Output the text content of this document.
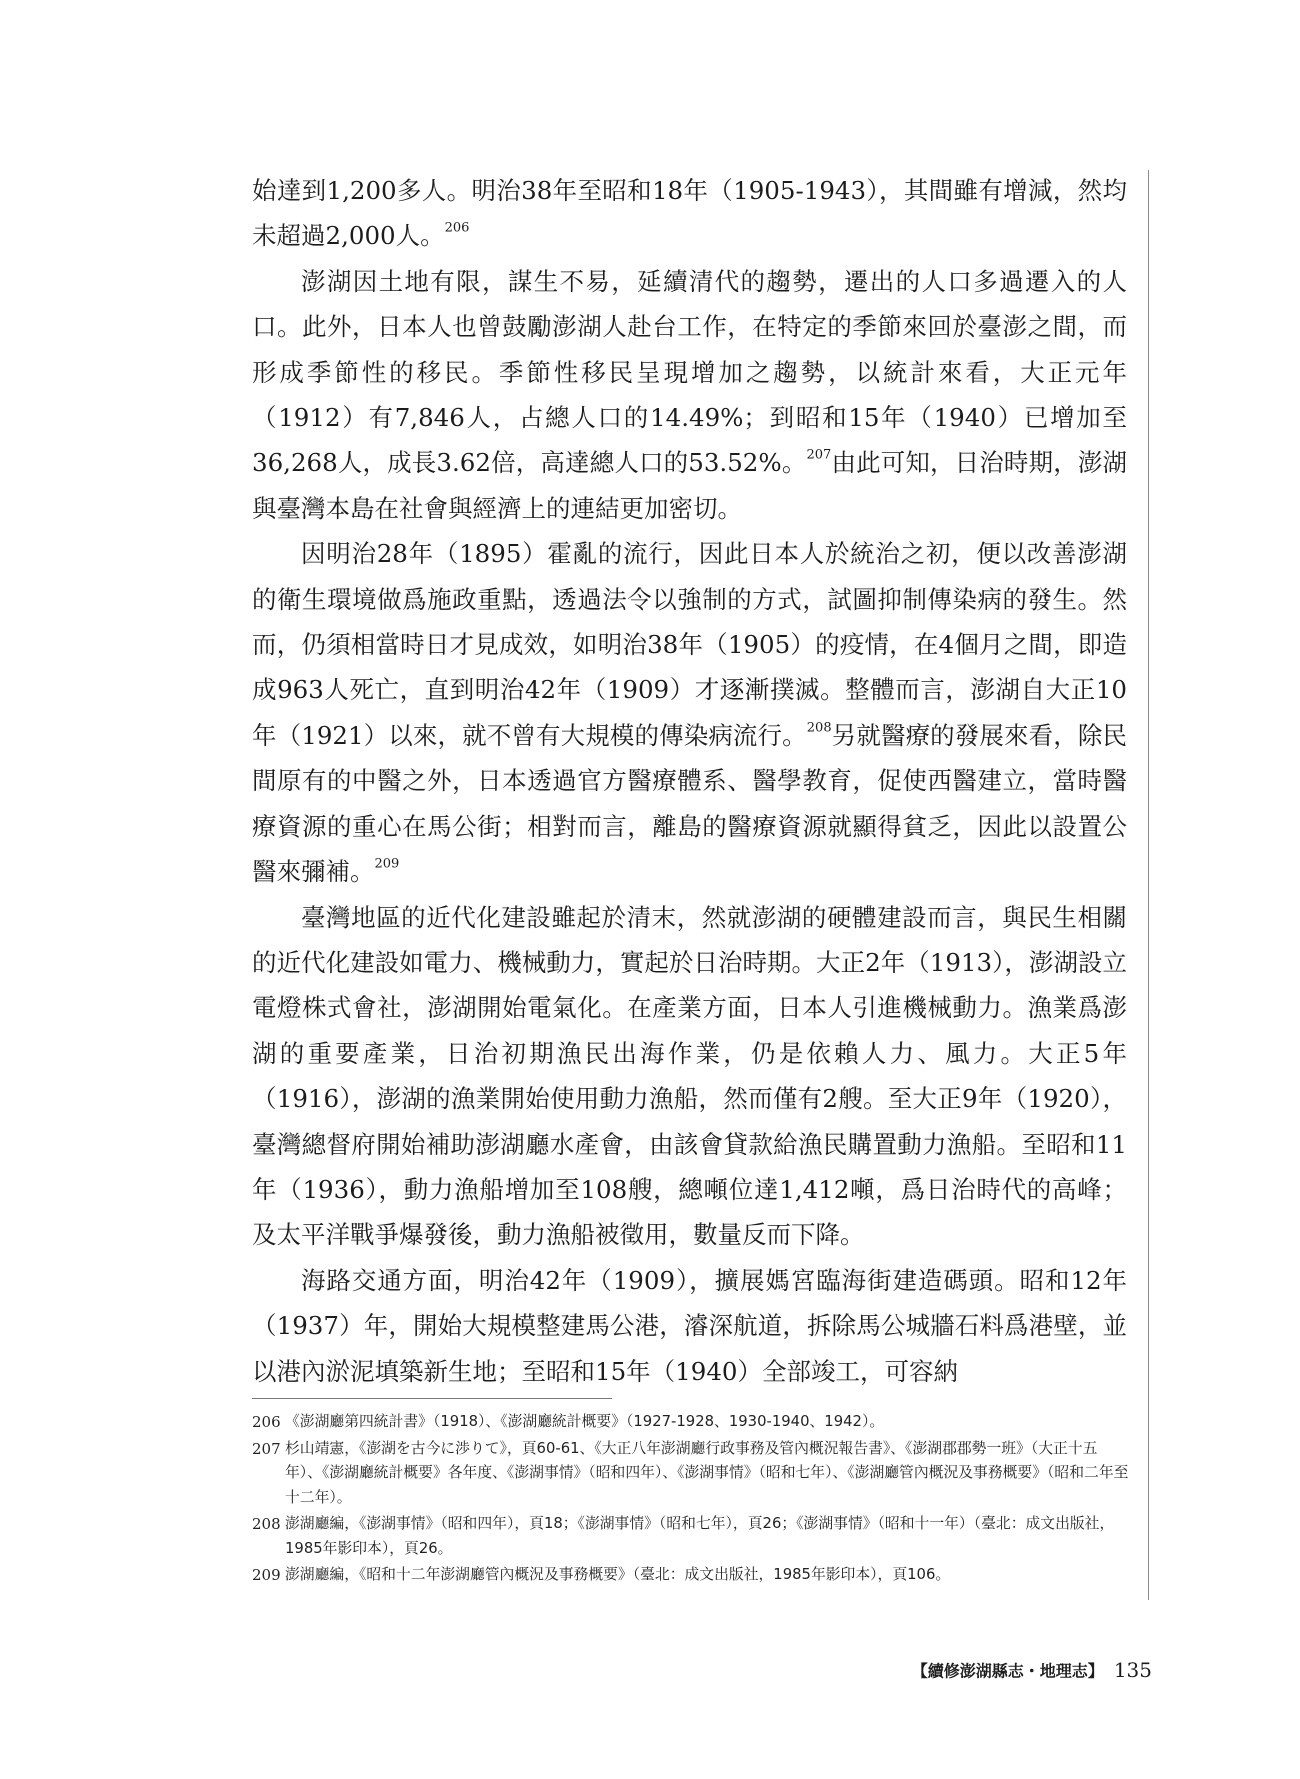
始達到1,200多人。明治38年至昭和18年（1905-1943），其間雖有增減，然均未超過2,000人。$^{206}$

澎湖因土地有限，謀生不易，延續清代的趨勢，遷出的人口多過遷入的人口。此外，日本人也曾鼓勵澎湖人赴台工作，在特定的季節來回於臺澎之間，而形成季節性的移民。季節性移民呈現增加之趨勢，以統計來看，大正元年（1912）有7,846人，占總人口的14.49%；到昭和15年（1940）已增加至36,268人，成長3.62倍，高達總人口的53.52%。$^{207}$由此可知，日治時期，澎湖與臺灣本島在社會與經濟上的連結更加密切。

因明治28年（1895）霍亂的流行，因此日本人於統治之初，便以改善澎湖的衛生環境做爲施政重點，透過法令以強制的方式，試圖抑制傳染病的發生。然而，仍須相當時日才見成效，如明治38年（1905）的疫情，在4個月之間，即造成963人死亡，直到明治42年（1909）才逐漸撲滅。整體而言，澎湖自大正10年（1921）以來，就不曾有大規模的傳染病流行。$^{208}$另就醫療的發展來看，除民間原有的中醫之外，日本透過官方醫療體系、醫學教育，促使西醫建立，當時醫療資源的重心在馬公街；相對而言，離島的醫療資源就顯得貧乏，因此以設置公醫來彌補。$^{209}$

臺灣地區的近代化建設雖起於清末，然就澎湖的硬體建設而言，與民生相關的近代化建設如電力、機械動力，實起於日治時期。大正2年（1913），澎湖設立電燈株式會社，澎湖開始電氣化。在產業方面，日本人引進機械動力。漁業爲澎湖的重要產業，日治初期漁民出海作業，仍是依賴人力、風力。大正5年（1916），澎湖的漁業開始使用動力漁船，然而僅有2艘。至大正9年（1920），臺灣總督府開始補助澎湖廳水產會，由該會貸款給漁民購置動力漁船。至昭和11年（1936），動力漁船增加至108艘，總噸位達1,412噸，爲日治時代的高峰；及太平洋戰爭爆發後，動力漁船被徵用，數量反而下降。

海路交通方面，明治42年（1909），擴展媽宮臨海街建造碼頭。昭和12年（1937）年，開始大規模整建馬公港，濬深航道，拆除馬公城牆石料爲港壁，並以港內淤泥填築新生地；至昭和15年（1940）全部竣工，可容納

206 《澎湖廳第四統計書》（1918）、《澎湖廳統計概要》（1927-1928、1930-1940、1942）。
207 杉山靖憲，《澎湖を古今に渉りて》，頁60-61、《大正八年澎湖廳行政事務及管內概況報告書》、《澎湖郡郡勢一班》（大正十五年）、《澎湖廳統計概要》各年度、《澎湖事情》（昭和四年）、《澎湖事情》（昭和七年）、《澎湖廳管內概況及事務概要》（昭和二年至十二年）。
208 澎湖廳編，《澎湖事情》（昭和四年），頁18；《澎湖事情》（昭和七年），頁26；《澎湖事情》（昭和十一年）（臺北：成文出版社，1985年影印本），頁26。
209 澎湖廳編，《昭和十二年澎湖廳管內概況及事務概要》（臺北：成文出版社，1985年影印本），頁106。
【續修澎湖縣志・地理志】 135
